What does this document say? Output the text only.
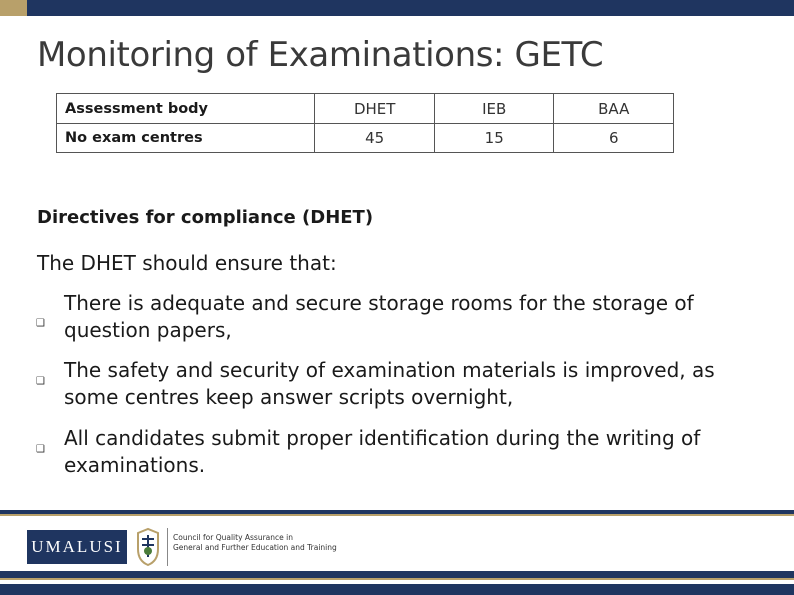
Monitoring of Examinations: GETC
Assessment body	DHET	IEB	BAA
No exam centres	45	15	6
Directives for compliance (DHET)
The DHET should ensure that:
❑
There is adequate and secure storage rooms for the storage of question papers,
❑ The safety and security of examination materials is improved, as some centres keep answer scripts overnight,
❑ All candidates submit proper identification during the writing of examinations.
UMALUSI	Council for Quality Assurance in
General and Further Education and Training
